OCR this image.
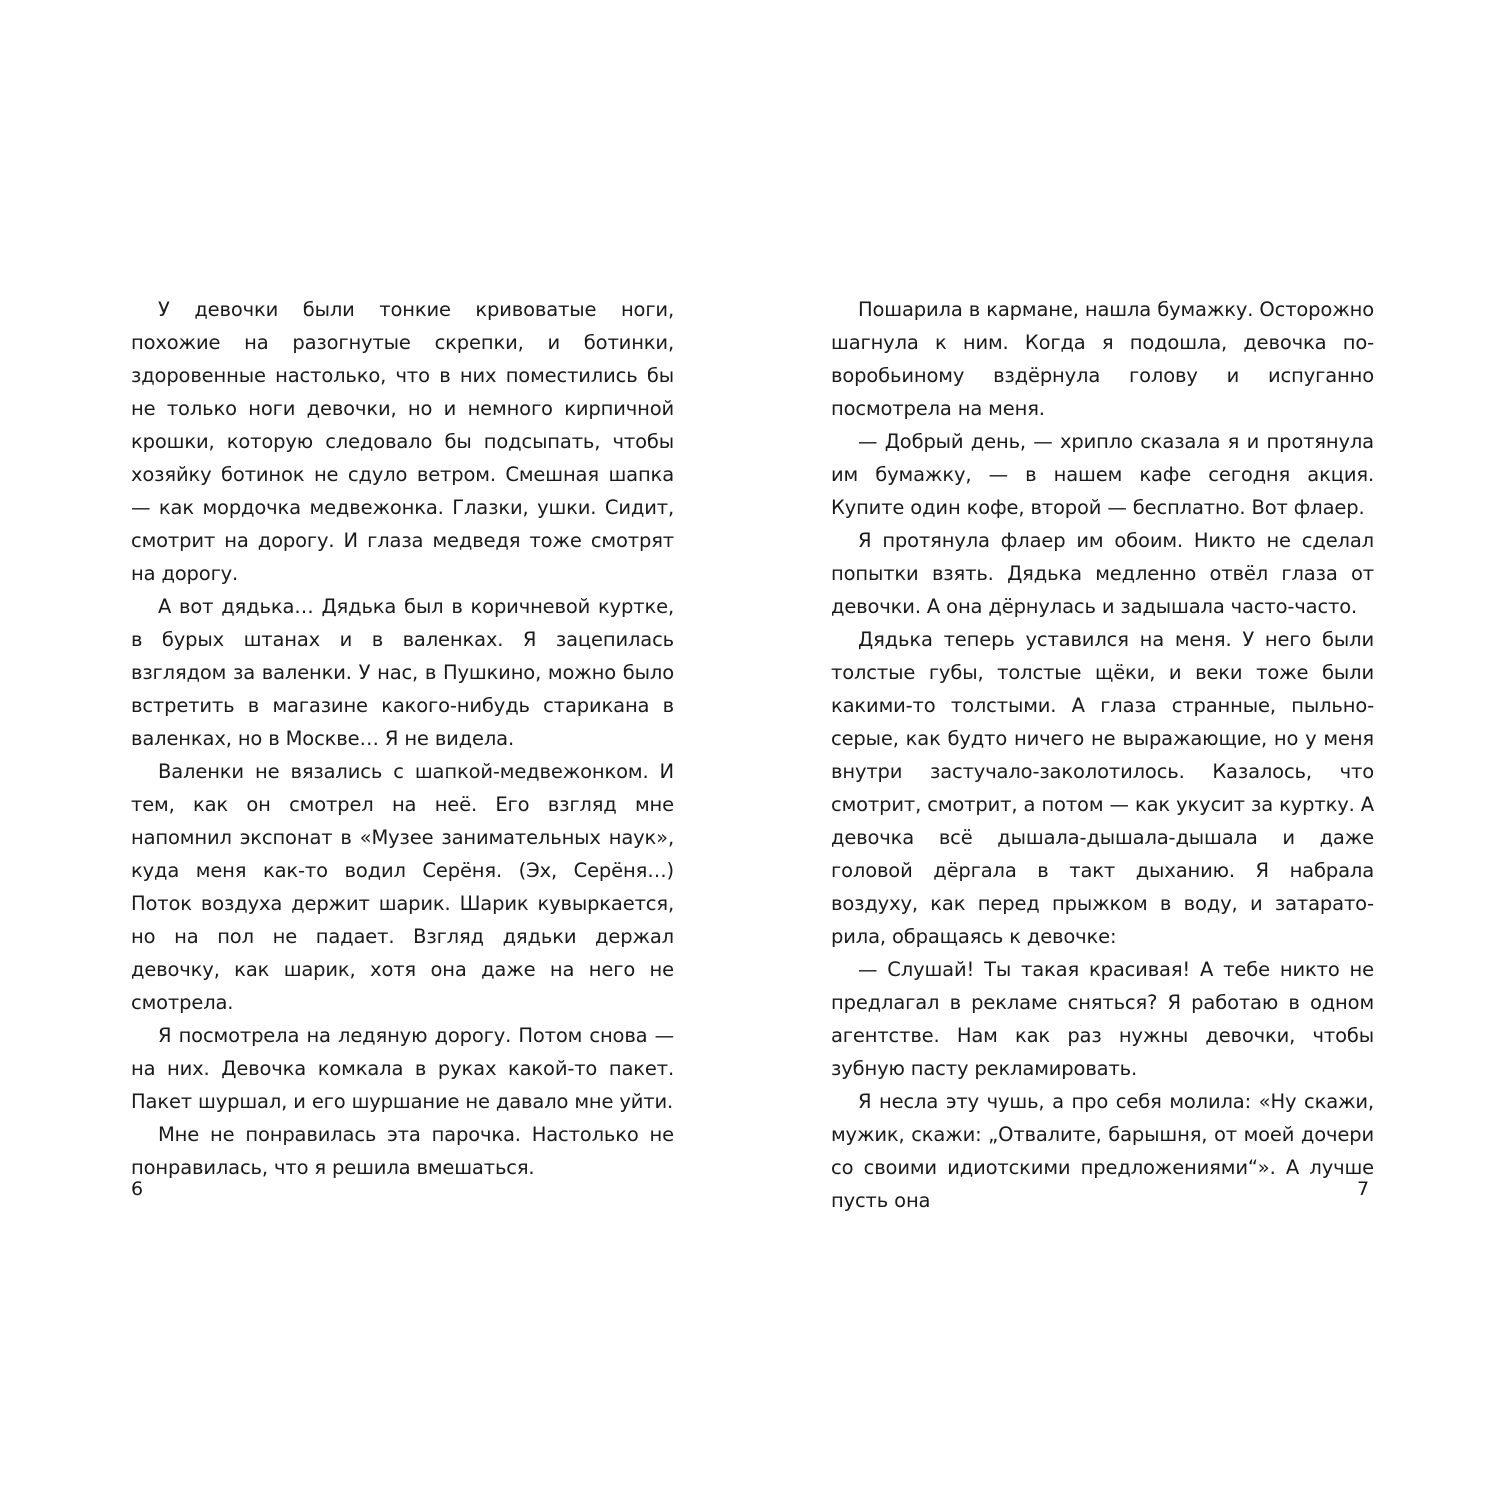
У девочки были тонкие кривоватые ноги, похожие на разогнутые скрепки, и ботинки, здоровенные настолько, что в них поместились бы не только ноги девочки, но и немного кирпичной крошки, которую следовало бы подсыпать, чтобы хозяйку ботинок не сдуло ветром. Смешная шапка — как мордочка медвежонка. Глазки, ушки. Сидит, смотрит на дорогу. И глаза медведя тоже смотрят на дорогу.

А вот дядька… Дядька был в коричневой куртке, в бурых штанах и в валенках. Я зацепилась взглядом за валенки. У нас, в Пушкино, можно было встретить в магазине какого-нибудь старикана в валенках, но в Москве… Я не видела.

Валенки не вязались с шапкой-медвежонком. И тем, как он смотрел на неё. Его взгляд мне напомнил экспонат в «Музее занимательных наук», куда меня как-то водил Серёня. (Эх, Серёня…) Поток воздуха держит шарик. Шарик кувыркается, но на пол не падает. Взгляд дядьки держал девочку, как шарик, хотя она даже на него не смотрела.

Я посмотрела на ледяную дорогу. Потом снова — на них. Девочка комкала в руках какой-то пакет. Пакет шуршал, и его шуршание не давало мне уйти.

Мне не понравилась эта парочка. Настолько не понравилась, что я решила вмешаться.

Пошарила в кармане, нашла бумажку. Осторожно шагнула к ним. Когда я подошла, девочка по-воробьиному вздёрнула голову и испуганно посмотрела на меня.

— Добрый день, — хрипло сказала я и протянула им бумажку, — в нашем кафе сегодня акция. Купите один кофе, второй — бесплатно. Вот флаер.

Я протянула флаер им обоим. Никто не сделал попытки взять. Дядька медленно отвёл глаза от девочки. А она дёрнулась и задышала часто-часто.

Дядька теперь уставился на меня. У него были толстые губы, толстые щёки, и веки тоже были какими-то толстыми. А глаза странные, пыльно-серые, как будто ничего не выражающие, но у меня внутри застучало-заколотилось. Казалось, что смотрит, смотрит, а потом — как укусит за куртку. А девочка всё дышала-дышала-дышала и даже головой дёргала в такт дыханию. Я набрала воздуху, как перед прыжком в воду, и затараторила, обращаясь к девочке:

— Слушай! Ты такая красивая! А тебе никто не предлагал в рекламе сняться? Я работаю в одном агентстве. Нам как раз нужны девочки, чтобы зубную пасту рекламировать.

Я несла эту чушь, а про себя молила: «Ну скажи, мужик, скажи: „Отвалите, барышня, от моей дочери со своими идиотскими предложениями“». А лучше пусть она

6	7
